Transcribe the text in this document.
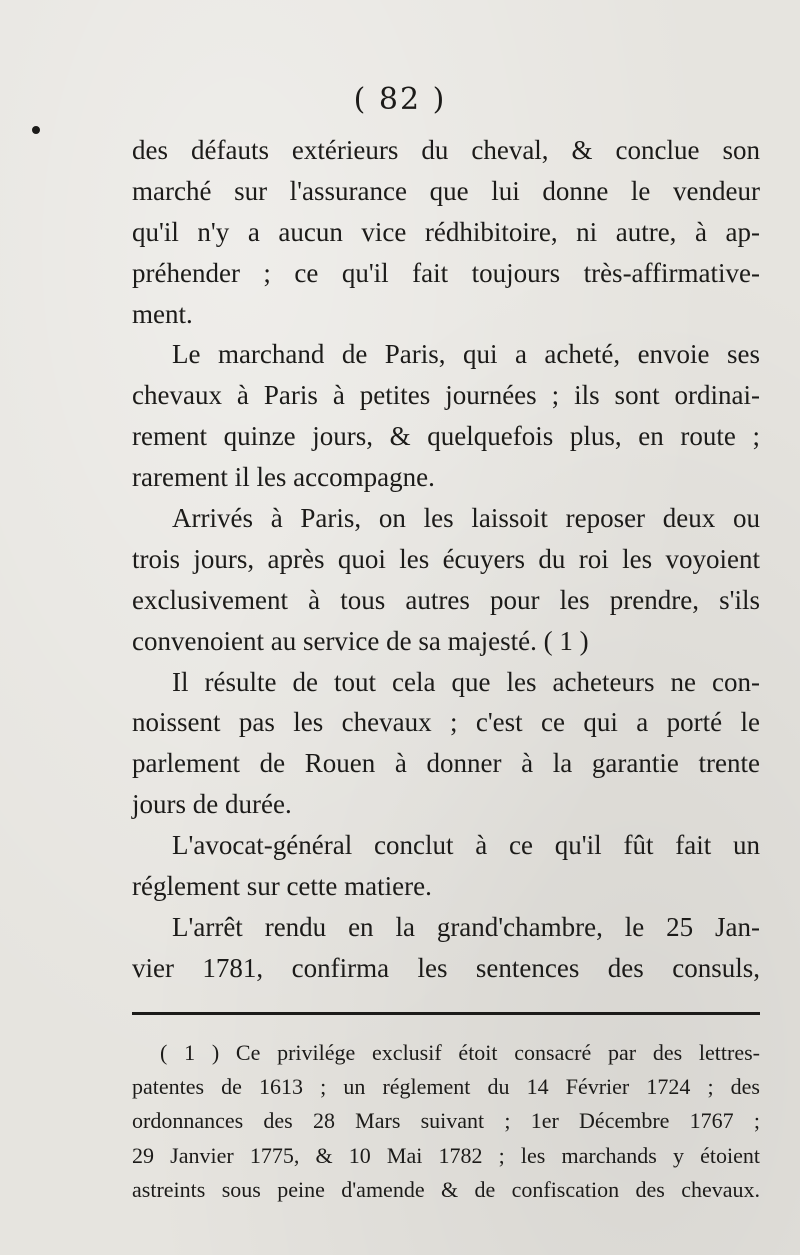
( 82 )
des défauts extérieurs du cheval, & conclue son
marché sur l'assurance que lui donne le vendeur
qu'il n'y a aucun vice rédhibitoire, ni autre, à ap-
préhender ; ce qu'il fait toujours très-affirmative-
ment.
Le marchand de Paris, qui a acheté, envoie ses
chevaux à Paris à petites journées ; ils sont ordinai-
rement quinze jours, & quelquefois plus, en route ;
rarement il les accompagne.
Arrivés à Paris, on les laissoit reposer deux ou
trois jours, après quoi les écuyers du roi les voyoient
exclusivement à tous autres pour les prendre, s'ils
convenoient au service de sa majesté. ( 1 )
Il résulte de tout cela que les acheteurs ne con-
noissent pas les chevaux ; c'est ce qui a porté le
parlement de Rouen à donner à la garantie trente
jours de durée.
L'avocat-général conclut à ce qu'il fût fait un
réglement sur cette matiere.
L'arrêt rendu en la grand'chambre, le 25 Jan-
vier 1781, confirma les sentences des consuls,
( 1 ) Ce privilége exclusif étoit consacré par des lettres-
patentes de 1613 ; un réglement du 14 Février 1724 ; des
ordonnances des 28 Mars suivant ; 1er Décembre 1767 ;
29 Janvier 1775, & 10 Mai 1782 ; les marchands y étoient
astreints sous peine d'amende & de confiscation des chevaux.
